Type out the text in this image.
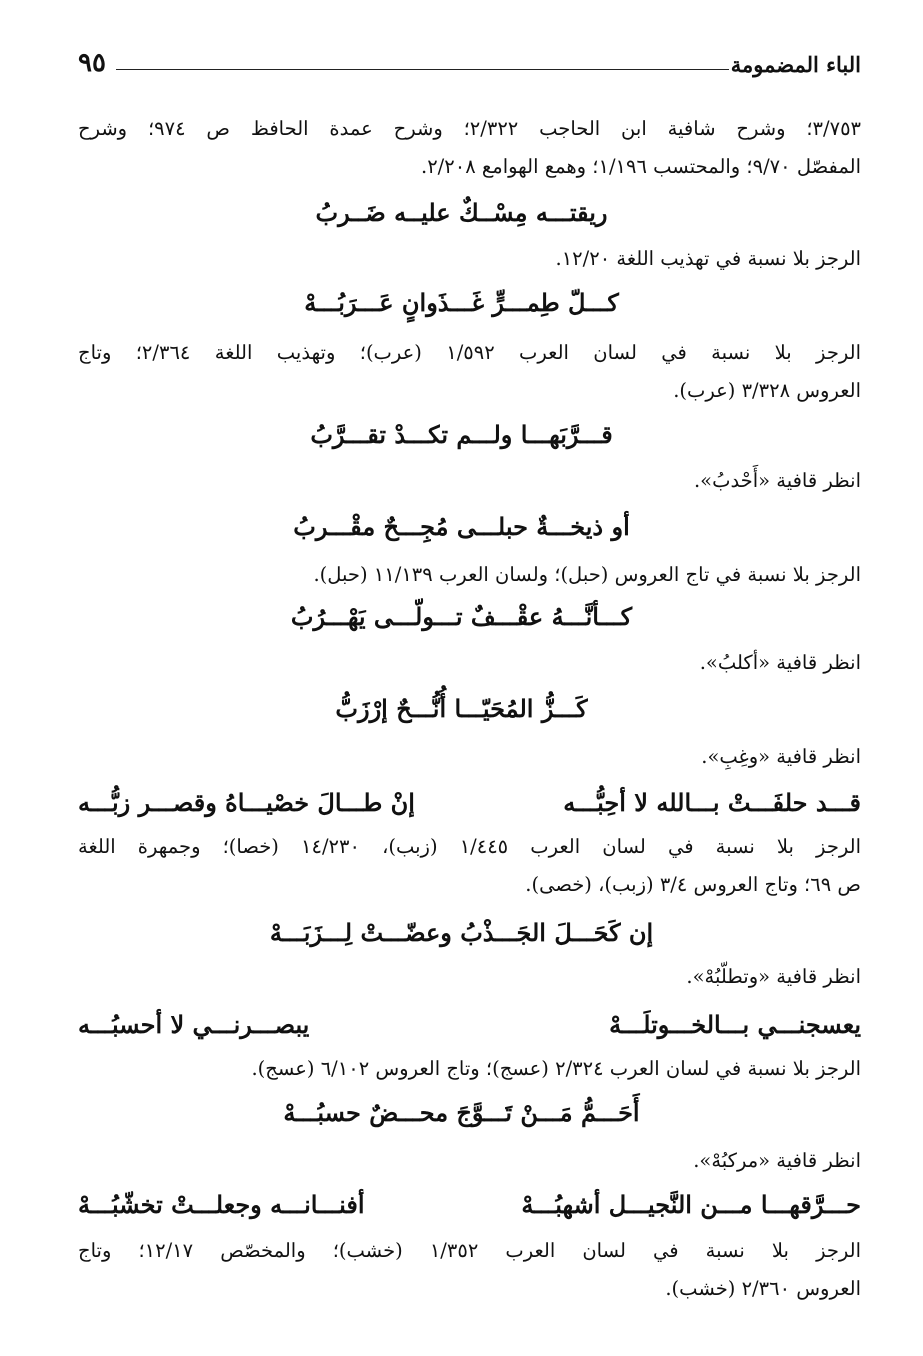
الباء المضمومة
٩٥
٣/٧٥٣؛ وشرح شافية ابن الحاجب ٢/٣٢٢؛ وشرح عمدة الحافظ ص ٩٧٤؛ وشرح
المفصّل ٩/٧٠؛ والمحتسب ١/١٩٦؛ وهمع الهوامع ٢/٢٠٨.
ريقتـــه مِسْــكٌ عليــه ضَــربُ
الرجز بلا نسبة في تهذيب اللغة ١٢/٢٠.
كـــلّ طِمـــرٍّ غَـــذَوانٍ عَـــرَبُـــهْ
الرجز بلا نسبة في لسان العرب ١/٥٩٢ (عرب)؛ وتهذيب اللغة ٢/٣٦٤؛ وتاج
العروس ٣/٣٢٨ (عرب).
قـــرَّبَهـــا ولـــم تكـــدْ تقـــرَّبُ
انظر قافية «أَحْدبُ».
أو ذيخـــةٌ حبلـــى مُجِـــحٌ مقْـــربُ
الرجز بلا نسبة في تاج العروس (حبل)؛ ولسان العرب ١١/١٣٩ (حبل).
كـــأنَّـــهُ عقْـــفٌ تـــولّـــى يَهْـــرُبُ
انظر قافية «أكلبُ».
كَـــزُّ المُحَيّـــا أُنُّـــحٌ إرْزَبُّ
انظر قافية «وغِبِ».
قـــد حلفَـــتْ بـــالله لا أحِبُّـــه
إنْ طـــالَ خصْيـــاهُ وقصـــر زبُّـــه
الرجز بلا نسبة في لسان العرب ١/٤٤٥ (زبب)، ١٤/٢٣٠ (خصا)؛ وجمهرة اللغة
ص ٦٩؛ وتاج العروس ٣/٤ (زبب)، (خصى).
إن كَحَـــلَ الجَـــذْبُ وعضّـــتْ لِـــزَبَـــهْ
انظر قافية «وتطلّبُهْ».
يعسجنـــي بـــالخـــوتلَـــهْ
يبصـــرنـــي لا أحسبُـــه
الرجز بلا نسبة في لسان العرب ٢/٣٢٤ (عسج)؛ وتاج العروس ٦/١٠٢ (عسج).
أَحَـــمُّ مَـــنْ تَـــوَّجَ محـــضٌ حسبُـــهْ
انظر قافية «مركبُهْ».
حـــرَّقهـــا مـــن النَّجيـــل أشهبُـــهْ
أفنـــانـــه وجعلـــتْ تخشّبُـــهْ
الرجز بلا نسبة في لسان العرب ١/٣٥٢ (خشب)؛ والمخصّص ١٢/١٧؛ وتاج
العروس ٢/٣٦٠ (خشب).
